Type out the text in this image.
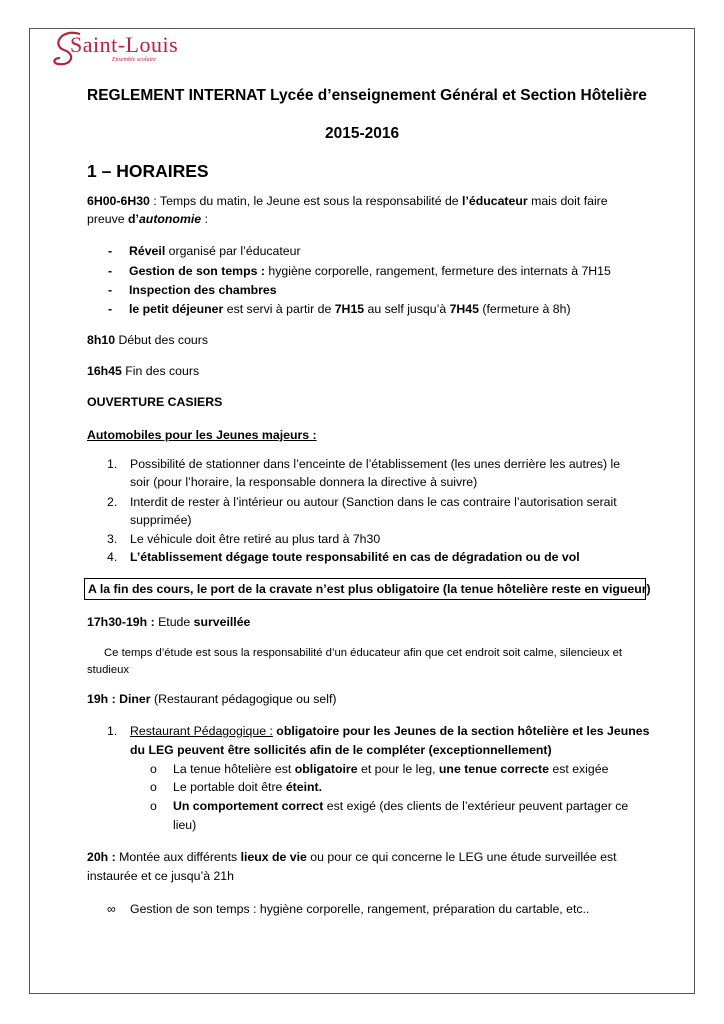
Saint-Louis
Ensemble scolaire
REGLEMENT INTERNAT Lycée d’enseignement Général et Section Hôtelière
2015-2016
1 – HORAIRES
6H00-6H30 : Temps du matin, le Jeune est sous la responsabilité de l’éducateur mais doit faire
preuve d’autonomie :
- Réveil organisé par l’éducateur
- Gestion de son temps : hygiène corporelle, rangement, fermeture des internats à 7H15
- Inspection des chambres
- le petit déjeuner est servi à partir de 7H15 au self jusqu’à 7H45 (fermeture à 8h)
8h10 Début des cours
16h45 Fin des cours
OUVERTURE CASIERS
Automobiles pour les Jeunes majeurs :
1. Possibilité de stationner dans l’enceinte de l’établissement (les unes derrière les autres) le
soir (pour l’horaire, la responsable donnera la directive à suivre)
2. Interdit de rester à l’intérieur ou autour (Sanction dans le cas contraire l’autorisation serait
supprimée)
3. Le véhicule doit être retiré au plus tard à 7h30
4. L’établissement dégage toute responsabilité en cas de dégradation ou de vol
A la fin des cours, le port de la cravate n’est plus obligatoire (la tenue hôtelière reste en vigueur)
17h30-19h : Etude surveillée
Ce temps d’étude est sous la responsabilité d’un éducateur afin que cet endroit soit calme, silencieux et
studieux
19h : Diner (Restaurant pédagogique ou self)
1. Restaurant Pédagogique : obligatoire pour les Jeunes de la section hôtelière et les Jeunes
du LEG peuvent être sollicités afin de le compléter (exceptionnellement)
o La tenue hôtelière est obligatoire et pour le leg, une tenue correcte est exigée
o Le portable doit être éteint.
o Un comportement correct est exigé (des clients de l’extérieur peuvent partager ce
lieu)
20h : Montée aux différents lieux de vie ou pour ce qui concerne le LEG une étude surveillée est
instaurée et ce jusqu’à 21h
∞ Gestion de son temps : hygiène corporelle, rangement, préparation du cartable, etc..
